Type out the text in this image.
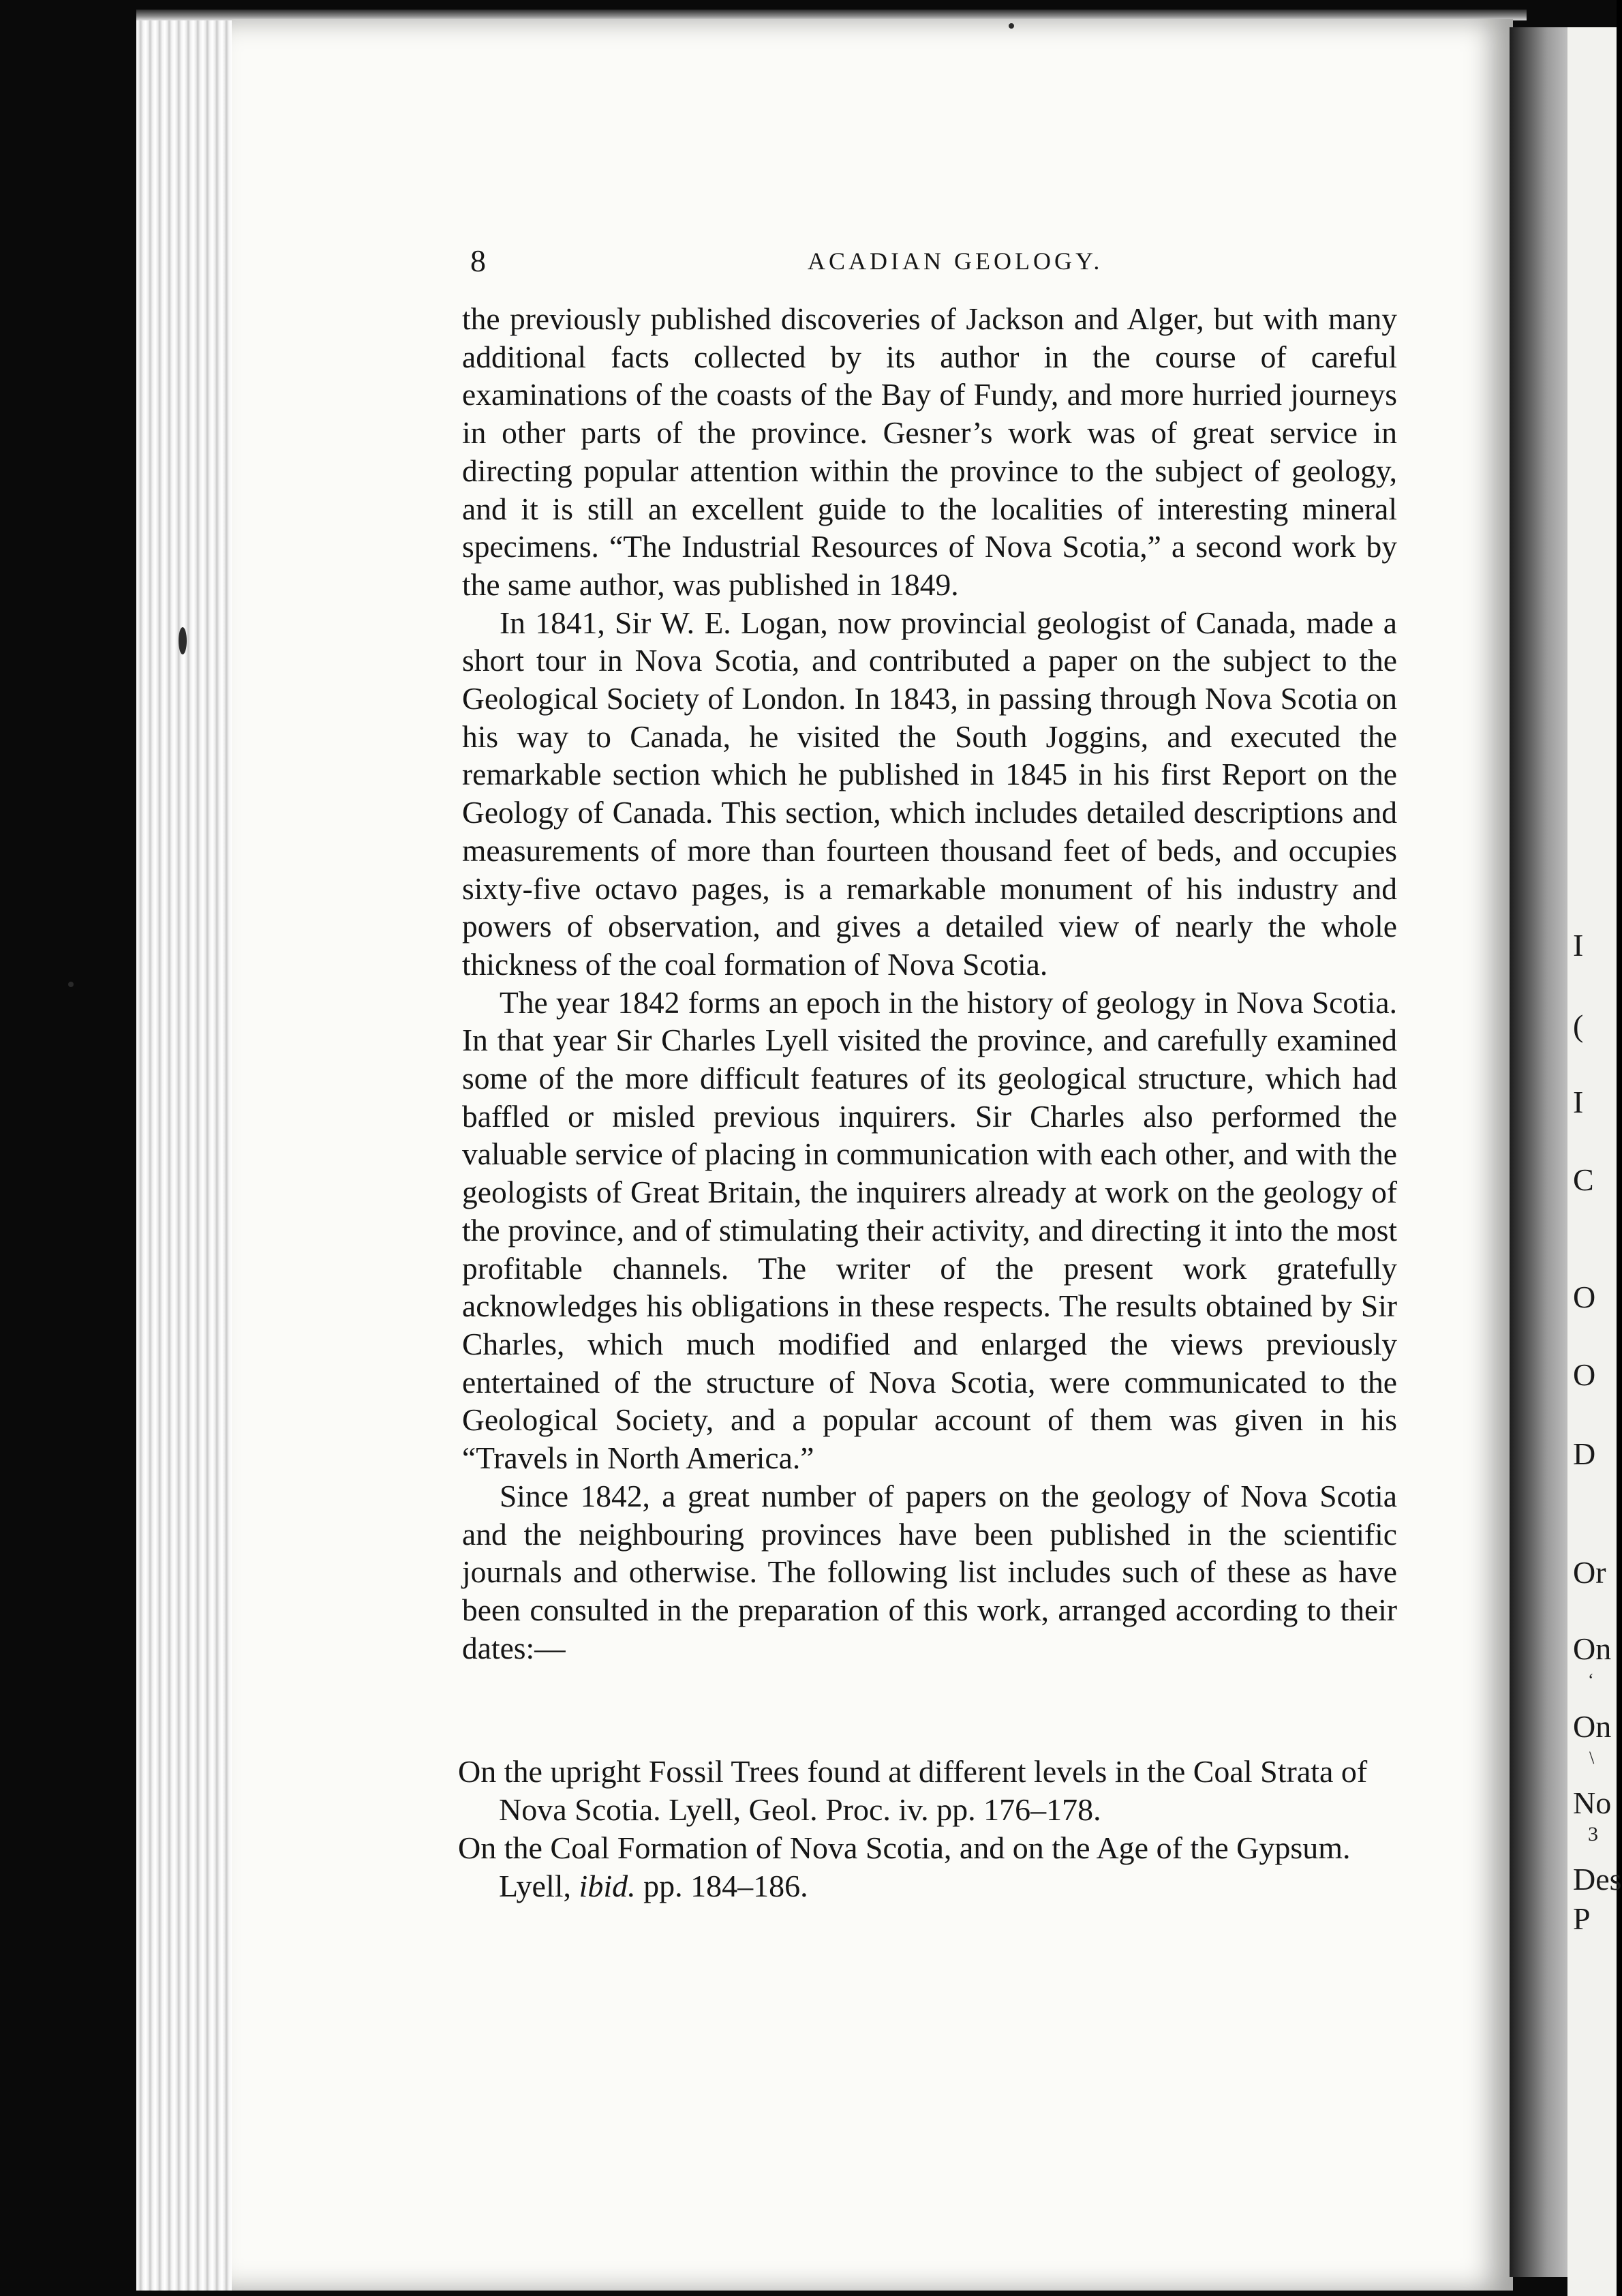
I
(
I
C
O
O
D
Or
On
‘
On
\
No
3
Des
P
8	ACADIAN GEOLOGY.

the previously published discoveries of Jackson and Alger, but with many additional facts collected by its author in the course of careful examinations of the coasts of the Bay of Fundy, and more hurried journeys in other parts of the province. Gesner’s work was of great service in directing popular attention within the province to the subject of geology, and it is still an excellent guide to the localities of interesting mineral specimens. “The Industrial Resources of Nova Scotia,” a second work by the same author, was published in 1849.

In 1841, Sir W. E. Logan, now provincial geologist of Canada, made a short tour in Nova Scotia, and contributed a paper on the subject to the Geological Society of London. In 1843, in passing through Nova Scotia on his way to Canada, he visited the South Joggins, and executed the remarkable section which he published in 1845 in his first Report on the Geology of Canada. This section, which includes detailed descriptions and measurements of more than fourteen thousand feet of beds, and occupies sixty-five octavo pages, is a remarkable monument of his industry and powers of observation, and gives a detailed view of nearly the whole thickness of the coal formation of Nova Scotia.

The year 1842 forms an epoch in the history of geology in Nova Scotia. In that year Sir Charles Lyell visited the province, and carefully examined some of the more difficult features of its geological structure, which had baffled or misled previous inquirers. Sir Charles also performed the valuable service of placing in communication with each other, and with the geologists of Great Britain, the inquirers already at work on the geology of the province, and of stimulating their activity, and directing it into the most profitable channels. The writer of the present work gratefully acknowledges his obligations in these respects. The results obtained by Sir Charles, which much modified and enlarged the views previously entertained of the structure of Nova Scotia, were communicated to the Geological Society, and a popular account of them was given in his “Travels in North America.”

Since 1842, a great number of papers on the geology of Nova Scotia and the neighbouring provinces have been published in the scientific journals and otherwise. The following list includes such of these as have been consulted in the preparation of this work, arranged according to their dates:—

On the upright Fossil Trees found at different levels in the Coal Strata of Nova Scotia. Lyell, Geol. Proc. iv. pp. 176–178.

On the Coal Formation of Nova Scotia, and on the Age of the Gypsum. Lyell, ibid. pp. 184–186.
